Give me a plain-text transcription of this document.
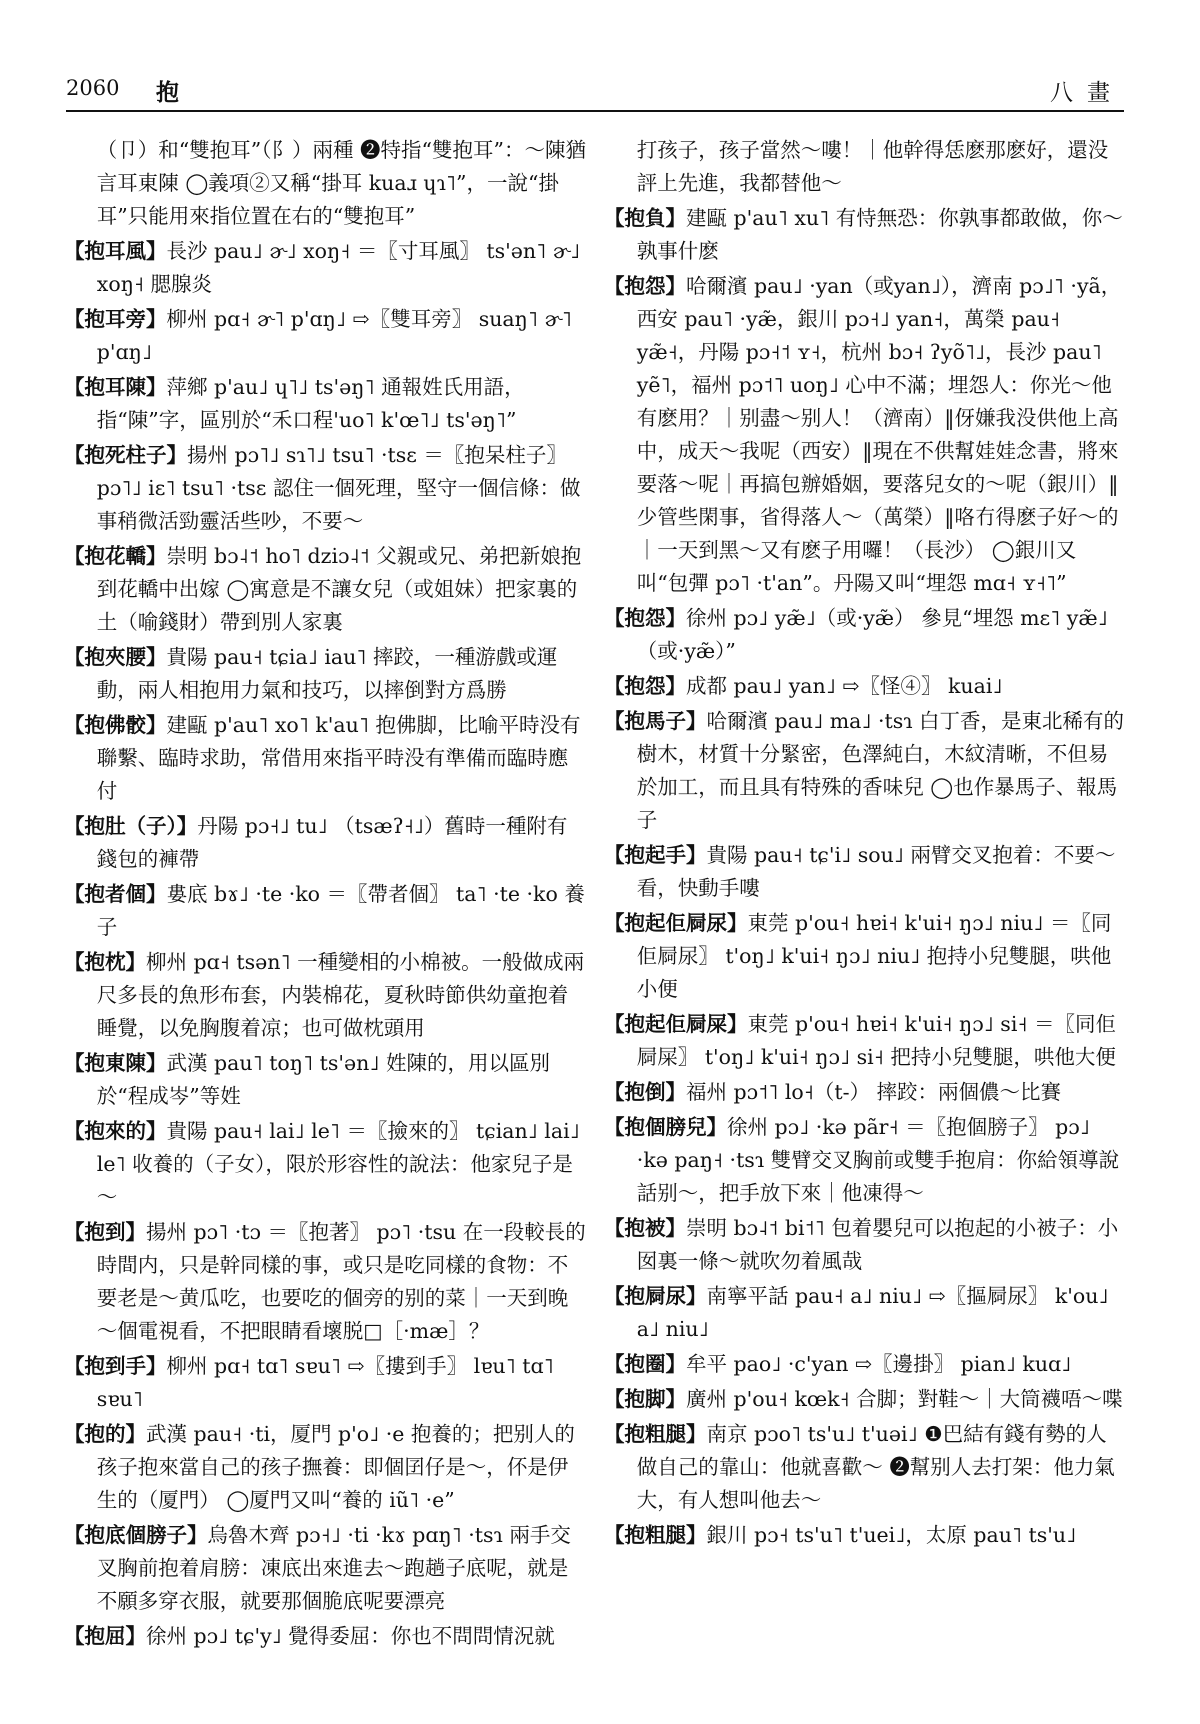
2060 抱	八畫

（卩）和“雙抱耳”（阝）兩種 ❷特指“雙抱耳”：～陳猶言耳東陳 ◯義項②又稱“掛耳 kuaɹ ɥɿ˥”，一說“掛耳”只能用來指位置在右的“雙抱耳”

【抱耳風】長沙 pau˩ ɚ˩ xoŋ˧ ＝〖寸耳風〗 ts'ən˥ ɚ˩ xoŋ˧ 腮腺炎

【抱耳旁】柳州 pɑ˧ ɚ˥ p'ɑŋ˩ ⇨〖雙耳旁〗 suaŋ˥ ɚ˥ p'ɑŋ˩

【抱耳陳】萍鄉 p'au˩ ɥ˥˩ ts'əŋ˥ 通報姓氏用語，指“陳”字，區別於“禾口程'uo˥ k'œ˥˩ ts'əŋ˥”

【抱死柱子】揚州 pɔ˥˩ sɿ˥˩ tsu˥ ·tsɛ ＝〖抱呆柱子〗 pɔ˥˩ iɛ˥ tsu˥ ·tsɛ 認住一個死理，堅守一個信條：做事稍微活勁靈活些吵，不要～

【抱花轎】崇明 bɔ˨˦ ho˥ dziɔ˨˦ 父親或兄、弟把新娘抱到花轎中出嫁 ◯寓意是不讓女兒（或姐妹）把家裏的土（喻錢財）帶到別人家裏

【抱夾腰】貴陽 pau˧ tɕia˩ iau˥ 摔跤，一種游戲或運動，兩人相抱用力氣和技巧，以摔倒對方爲勝

【抱佛骹】建甌 p'au˥ xo˥ k'au˥ 抱佛脚，比喻平時没有聯繫、臨時求助，常借用來指平時没有準備而臨時應付

【抱肚（子）】丹陽 pɔ˧˩ tu˩ （tsæʔ˧˩）舊時一種附有錢包的褲帶

【抱者個】婁底 bɤ˩ ·te ·ko ＝〖帶者個〗 ta˥ ·te ·ko 養子

【抱枕】柳州 pɑ˧ tsən˥ 一種變相的小棉被。一般做成兩尺多長的魚形布套，内裝棉花，夏秋時節供幼童抱着睡覺，以免胸腹着凉；也可做枕頭用

【抱東陳】武漢 pau˥ toŋ˥ ts'ən˩ 姓陳的，用以區別於“程成岑”等姓

【抱來的】貴陽 pau˧ lai˩ le˥ ＝〖撿來的〗 tɕian˩ lai˩ le˥ 收養的（子女），限於形容性的說法：他家兒子是～

【抱到】揚州 pɔ˥ ·tɔ ＝〖抱著〗 pɔ˥ ·tsu 在一段較長的時間内，只是幹同樣的事，或只是吃同樣的食物：不要老是～黄瓜吃，也要吃的個旁的别的菜｜一天到晚～個電視看，不把眼睛看壞脱□［·mæ］？

【抱到手】柳州 pɑ˧ tɑ˥ sɐu˥ ⇨〖摟到手〗 lɐu˥ tɑ˥ sɐu˥

【抱的】武漢 pau˧ ·ti，厦門 p'o˩ ·e 抱養的；把别人的孩子抱來當自己的孩子撫養：即個囝仔是～，伓是伊生的（厦門） ◯厦門又叫“養的 iũ˥ ·e”

【抱底個膀子】烏魯木齊 pɔ˧˩ ·ti ·kɤ pɑŋ˥ ·tsɿ 兩手交叉胸前抱着肩膀：凍底出來進去～跑趟子底呢，就是不願多穿衣服，就要那個脆底呢要漂亮

【抱屈】徐州 pɔ˩ tɕ'y˩ 覺得委屈：你也不問問情況就

打孩子，孩子當然～嘍！｜他幹得恁麽那麽好，還没評上先進，我都替他～

【抱負】建甌 p'au˥ xu˥ 有恃無恐：你孰事都敢做，你～孰事什麽

【抱怨】哈爾濱 pau˩ ·yan（或yan˩），濟南 pɔ˩˥ ·yã，西安 pau˥ ·yæ̃，銀川 pɔ˧˩ yan˧，萬榮 pau˧ yæ̃˧，丹陽 pɔ˧˦ ʏ˧，杭州 bɔ˧ ʔyõ˥˩，長沙 pau˥ yẽ˥，福州 pɔ˦˥ uoŋ˩ 心中不滿；埋怨人：你光～他有麽用？｜别盡～别人！（濟南）‖伢嫌我没供他上高中，成天～我呢（西安）‖現在不供幫娃娃念書，將來要落～呢｜再搞包辦婚姻，要落兒女的～呢（銀川）‖少管些閑事，省得落人～（萬榮）‖咯冇得麽子好～的｜一天到黑～又有麽子用囉！（長沙） ◯銀川又叫“包彈 pɔ˥ ·t'an”。丹陽又叫“埋怨 mɑ˧ ʏ˧˥”

【抱怨】徐州 pɔ˩ yæ̃˩（或·yæ̃） 參見“埋怨 mɛ˥ yæ̃˩（或·yæ̃）”

【抱怨】成都 pau˩ yan˩ ⇨〖怪④〗 kuai˩

【抱馬子】哈爾濱 pau˩ ma˩ ·tsɿ 白丁香，是東北稀有的樹木，材質十分緊密，色澤純白，木紋清晰，不但易於加工，而且具有特殊的香味兒 ◯也作暴馬子、報馬子

【抱起手】貴陽 pau˧ tɕ'i˩ sou˩ 兩臂交叉抱着：不要～看，快動手嘍

【抱起佢屙尿】東莞 p'ou˧ hɐi˧ k'ui˧ ŋɔ˩ niu˩ ＝〖同佢屙尿〗 t'oŋ˩ k'ui˧ ŋɔ˩ niu˩ 抱持小兒雙腿，哄他小便

【抱起佢屙屎】東莞 p'ou˧ hɐi˧ k'ui˧ ŋɔ˩ si˧ ＝〖同佢屙屎〗 t'oŋ˩ k'ui˧ ŋɔ˩ si˧ 把持小兒雙腿，哄他大便

【抱倒】福州 pɔ˦˥ lo˧（t-） 摔跤：兩個儂～比賽

【抱個膀兒】徐州 pɔ˩ ·kə pãr˧ ＝〖抱個膀子〗 pɔ˩ ·kə paŋ˧ ·tsɿ 雙臂交叉胸前或雙手抱肩：你給領導說話别～，把手放下來｜他凍得～

【抱被】崇明 bɔ˨˦ bi˦˥ 包着嬰兒可以抱起的小被子：小囡裏一條～就吹勿着風哉

【抱屙尿】南寧平話 pau˧ a˩ niu˩ ⇨〖摳屙尿〗 k'ou˩ a˩ niu˩

【抱圈】牟平 pao˩ ·c'yan ⇨〖邊掛〗 pian˩ kuɑ˩

【抱脚】廣州 p'ou˧ kœk˧ 合脚；對鞋～｜大筒襪唔～喋

【抱粗腿】南京 pɔo˥ ts'u˩ t'uəi˩ ❶巴結有錢有勢的人做自己的靠山：他就喜歡～ ❷幫别人去打架：他力氣大，有人想叫他去～

【抱粗腿】銀川 pɔ˧ ts'u˥ t'uei˩，太原 pau˥ ts'u˩
